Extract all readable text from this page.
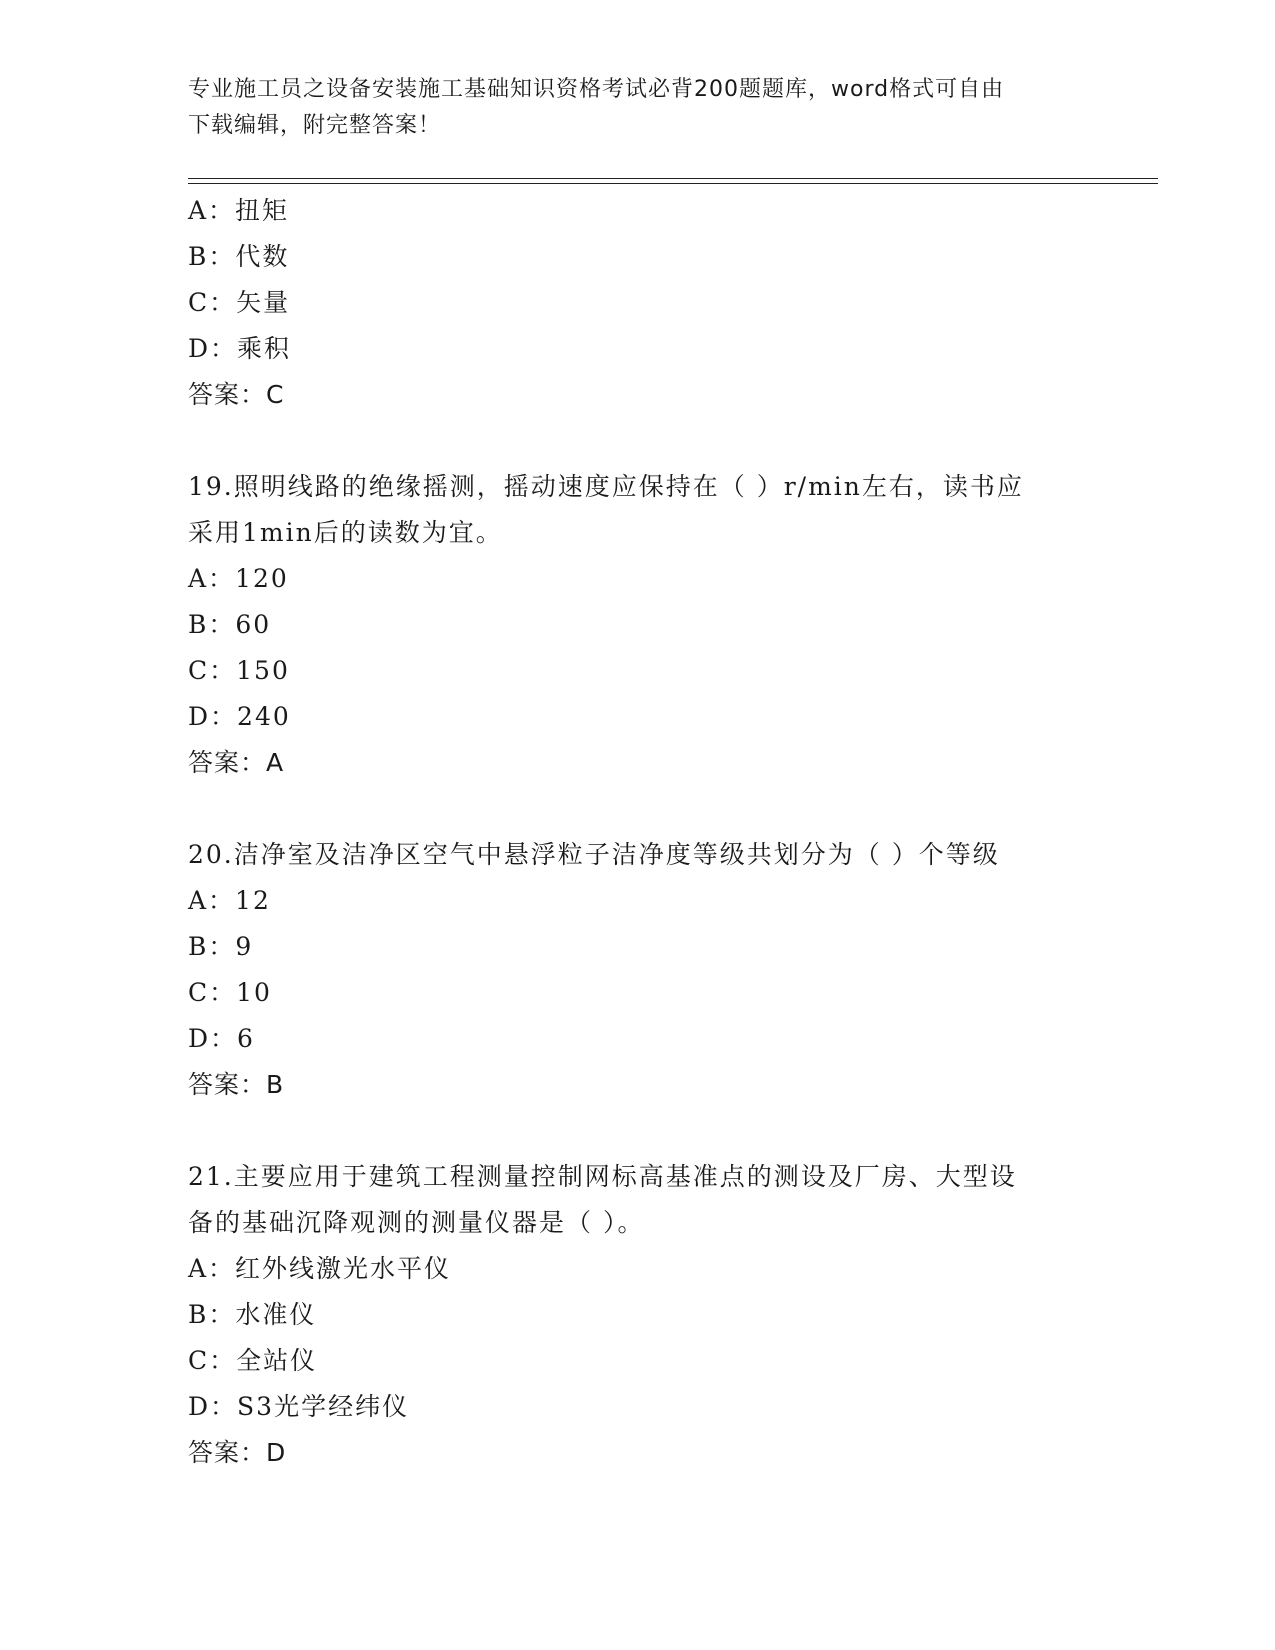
专业施工员之设备安装施工基础知识资格考试必背200题题库，word格式可自由
下载编辑，附完整答案！
A：扭矩
B：代数
C：矢量
D：乘积
答案：C
19.照明线路的绝缘摇测，摇动速度应保持在（ ）r/min左右，读书应
采用1min后的读数为宜。
A：120
B：60
C：150
D：240
答案：A
20.洁净室及洁净区空气中悬浮粒子洁净度等级共划分为（ ）个等级
A：12
B：9
C：10
D：6
答案：B
21.主要应用于建筑工程测量控制网标高基准点的测设及厂房、大型设
备的基础沉降观测的测量仪器是（ ）。
A：红外线激光水平仪
B：水准仪
C：全站仪
D：S3光学经纬仪
答案：D
